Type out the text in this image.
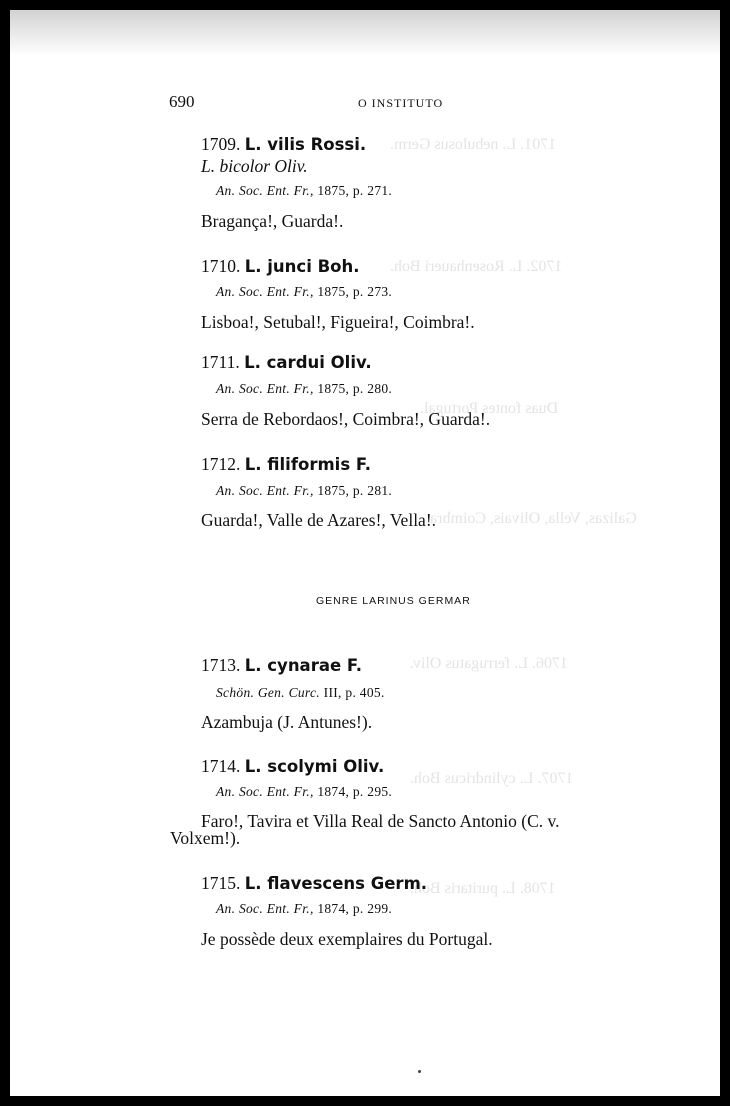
1701. L. nebulosus Germ.
1702. L. Rosenhaueri Boh.
Duas fontes Portugal.
Galizas, Vella, Olivais, Coimbra
1706. L. ferrugatus Oliv.
1707. L. cylindricus Boh.
1708. L. puritaris Boh.
690	O INSTITUTO
1709. L. vilis Rossi.
L. bicolor Oliv.
An. Soc. Ent. Fr., 1875, p. 271.
Bragança!, Guarda!.
1710. L. junci Boh.
An. Soc. Ent. Fr., 1875, p. 273.
Lisboa!, Setubal!, Figueira!, Coimbra!.
1711. L. cardui Oliv.
An. Soc. Ent. Fr., 1875, p. 280.
Serra de Rebordaos!, Coimbra!, Guarda!.
1712. L. filiformis F.
An. Soc. Ent. Fr., 1875, p. 281.
Guarda!, Valle de Azares!, Vella!.
GENRE LARINUS GERMAR
1713. L. cynarae F.
Schön. Gen. Curc. III, p. 405.
Azambuja (J. Antunes!).
1714. L. scolymi Oliv.
An. Soc. Ent. Fr., 1874, p. 295.
Faro!, Tavira et Villa Real de Sancto Antonio (C. v.
Volxem!).
1715. L. flavescens Germ.
An. Soc. Ent. Fr., 1874, p. 299.
Je possède deux exemplaires du Portugal.
